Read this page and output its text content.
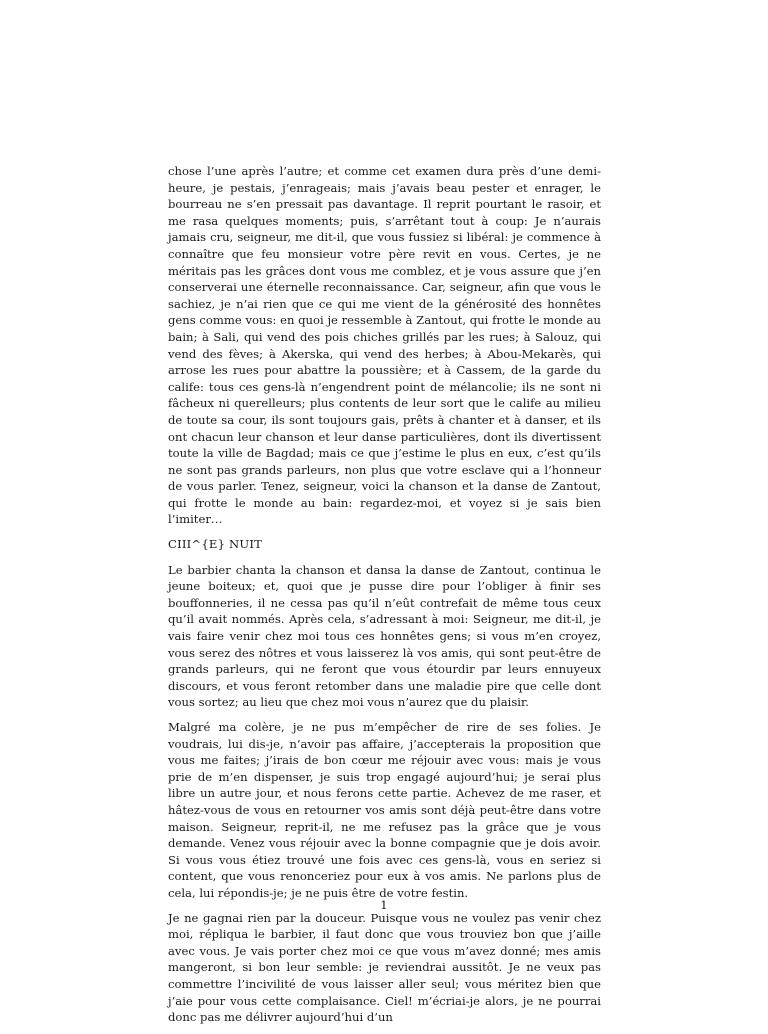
chose l’une après l’autre; et comme cet examen dura près d’une demi-heure, je pestais, j’enrageais; mais j’avais beau pester et enrager, le bourreau ne s’en pressait pas davantage. Il reprit pourtant le rasoir, et me rasa quelques moments; puis, s’arrêtant tout à coup: Je n’aurais jamais cru, seigneur, me dit-il, que vous fussiez si libéral: je commence à connaître que feu monsieur votre père revit en vous. Certes, je ne méritais pas les grâces dont vous me comblez, et je vous assure que j’en conserverai une éternelle reconnaissance. Car, seigneur, afin que vous le sachiez, je n’ai rien que ce qui me vient de la générosité des honnêtes gens comme vous: en quoi je ressemble à Zantout, qui frotte le monde au bain; à Sali, qui vend des pois chiches grillés par les rues; à Salouz, qui vend des fèves; à Akerska, qui vend des herbes; à Abou-Mekarès, qui arrose les rues pour abattre la poussière; et à Cassem, de la garde du calife: tous ces gens-là n’engendrent point de mélancolie; ils ne sont ni fâcheux ni querelleurs; plus contents de leur sort que le calife au milieu de toute sa cour, ils sont toujours gais, prêts à chanter et à danser, et ils ont chacun leur chanson et leur danse particulières, dont ils divertissent toute la ville de Bagdad; mais ce que j’estime le plus en eux, c’est qu’ils ne sont pas grands parleurs, non plus que votre esclave qui a l’honneur de vous parler. Tenez, seigneur, voici la chanson et la danse de Zantout, qui frotte le monde au bain: regardez-moi, et voyez si je sais bien l’imiter…

CIII^{E} NUIT

Le barbier chanta la chanson et dansa la danse de Zantout, continua le jeune boiteux; et, quoi que je pusse dire pour l’obliger à finir ses bouffonneries, il ne cessa pas qu’il n’eût contrefait de même tous ceux qu’il avait nommés. Après cela, s’adressant à moi: Seigneur, me dit-il, je vais faire venir chez moi tous ces honnêtes gens; si vous m’en croyez, vous serez des nôtres et vous laisserez là vos amis, qui sont peut-être de grands parleurs, qui ne feront que vous étourdir par leurs ennuyeux discours, et vous feront retomber dans une maladie pire que celle dont vous sortez; au lieu que chez moi vous n’aurez que du plaisir.

Malgré ma colère, je ne pus m’empêcher de rire de ses folies. Je voudrais, lui dis-je, n’avoir pas affaire, j’accepterais la proposition que vous me faites; j’irais de bon cœur me réjouir avec vous: mais je vous prie de m’en dispenser, je suis trop engagé aujourd’hui; je serai plus libre un autre jour, et nous ferons cette partie. Achevez de me raser, et hâtez-vous de vous en retourner vos amis sont déjà peut-être dans votre maison. Seigneur, reprit-il, ne me refusez pas la grâce que je vous demande. Venez vous réjouir avec la bonne compagnie que je dois avoir. Si vous vous étiez trouvé une fois avec ces gens-là, vous en seriez si content, que vous renonceriez pour eux à vos amis. Ne parlons plus de cela, lui répondis-je; je ne puis être de votre festin.

Je ne gagnai rien par la douceur. Puisque vous ne voulez pas venir chez moi, répliqua le barbier, il faut donc que vous trouviez bon que j’aille avec vous. Je vais porter chez moi ce que vous m’avez donné; mes amis mangeront, si bon leur semble: je reviendrai aussitôt. Je ne veux pas commettre l’incivilité de vous laisser aller seul; vous méritez bien que j’aie pour vous cette complaisance. Ciel! m’écriai-je alors, je ne pourrai donc pas me délivrer aujourd’hui d’un

1
